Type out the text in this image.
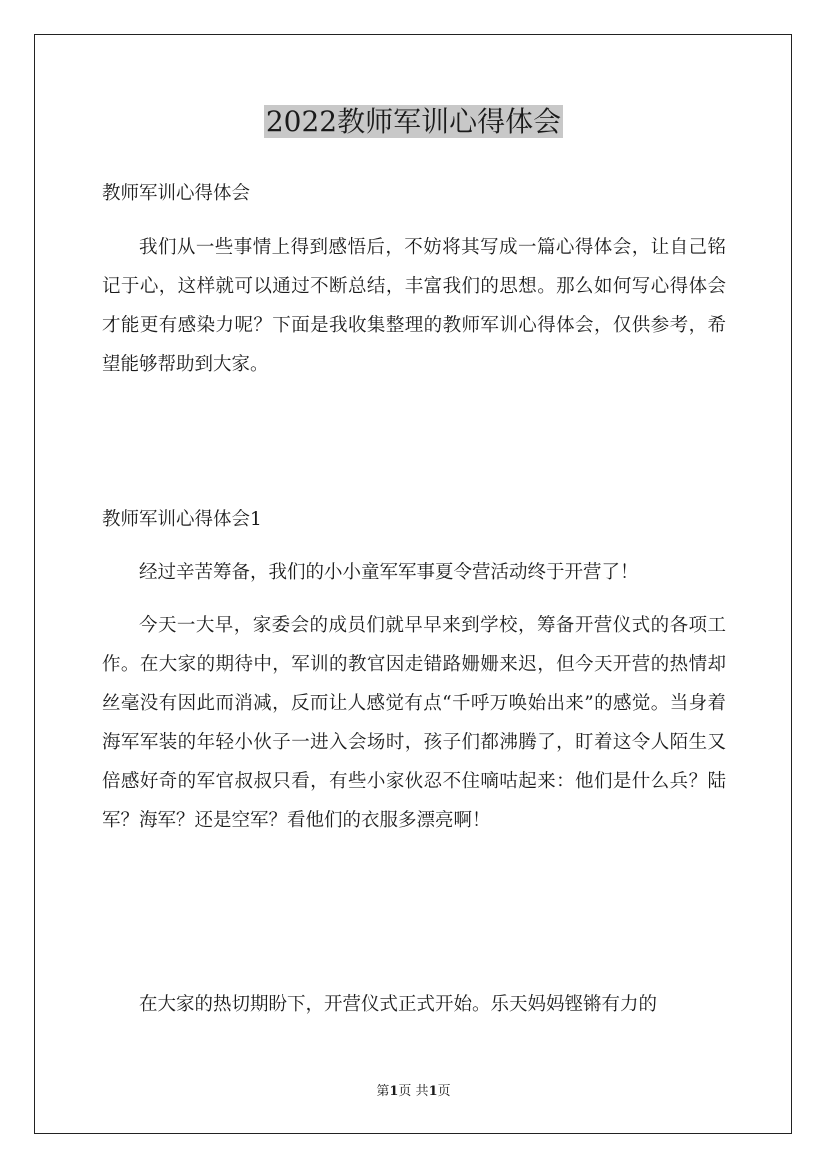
2022教师军训心得体会

教师军训心得体会

我们从一些事情上得到感悟后，不妨将其写成一篇心得体会，让自己铭记于心，这样就可以通过不断总结，丰富我们的思想。那么如何写心得体会才能更有感染力呢？下面是我收集整理的教师军训心得体会，仅供参考，希望能够帮助到大家。

教师军训心得体会1

经过辛苦筹备，我们的小小童军军事夏令营活动终于开营了！

今天一大早，家委会的成员们就早早来到学校，筹备开营仪式的各项工作。在大家的期待中，军训的教官因走错路姗姗来迟，但今天开营的热情却丝毫没有因此而消减，反而让人感觉有点“千呼万唤始出来”的感觉。当身着海军军装的年轻小伙子一进入会场时，孩子们都沸腾了，盯着这令人陌生又倍感好奇的军官叔叔只看，有些小家伙忍不住嘀咕起来：他们是什么兵？陆军？海军？还是空军？看他们的衣服多漂亮啊！

在大家的热切期盼下，开营仪式正式开始。乐天妈妈铿锵有力的

第1页 共1页
